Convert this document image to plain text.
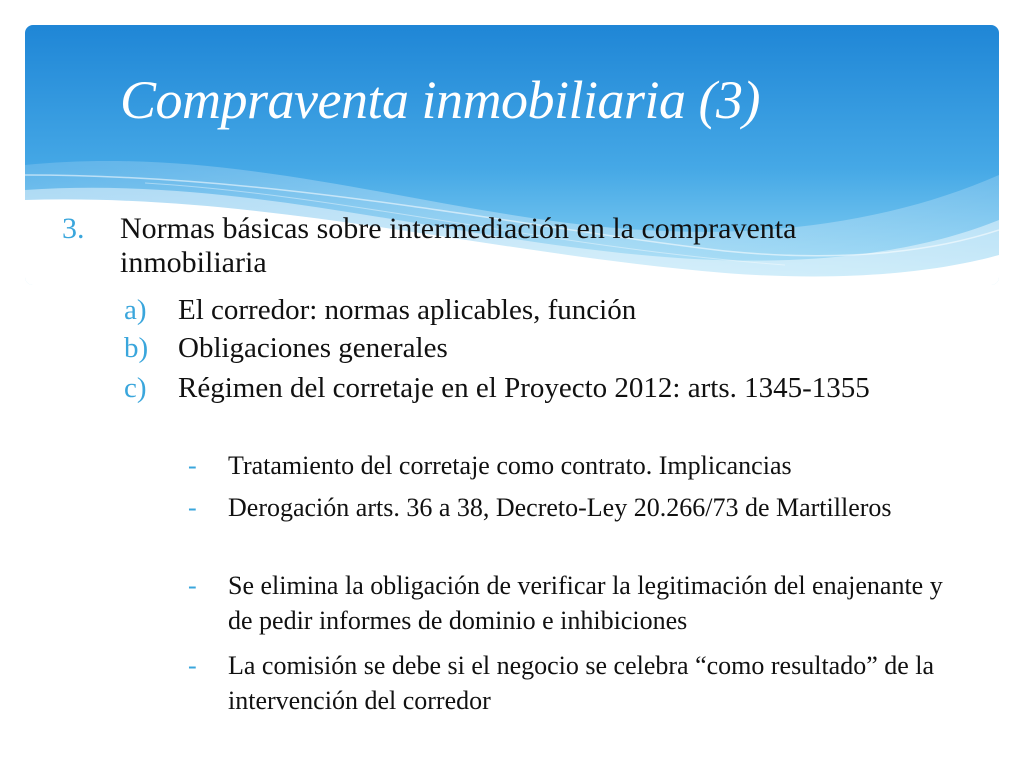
Compraventa inmobiliaria (3)
3.	Normas básicas sobre intermediación en la compraventa inmobiliaria
a)	El corredor: normas aplicables, función
b)	Obligaciones generales
c)	Régimen del corretaje en el Proyecto 2012: arts. 1345-1355
-	Tratamiento del corretaje como contrato. Implicancias
-	Derogación arts. 36 a 38, Decreto-Ley 20.266/73 de Martilleros
-	Se elimina la obligación de verificar la legitimación del enajenante y de pedir informes de dominio e inhibiciones
-	La comisión se debe si el negocio se celebra “como resultado” de la intervención del corredor
